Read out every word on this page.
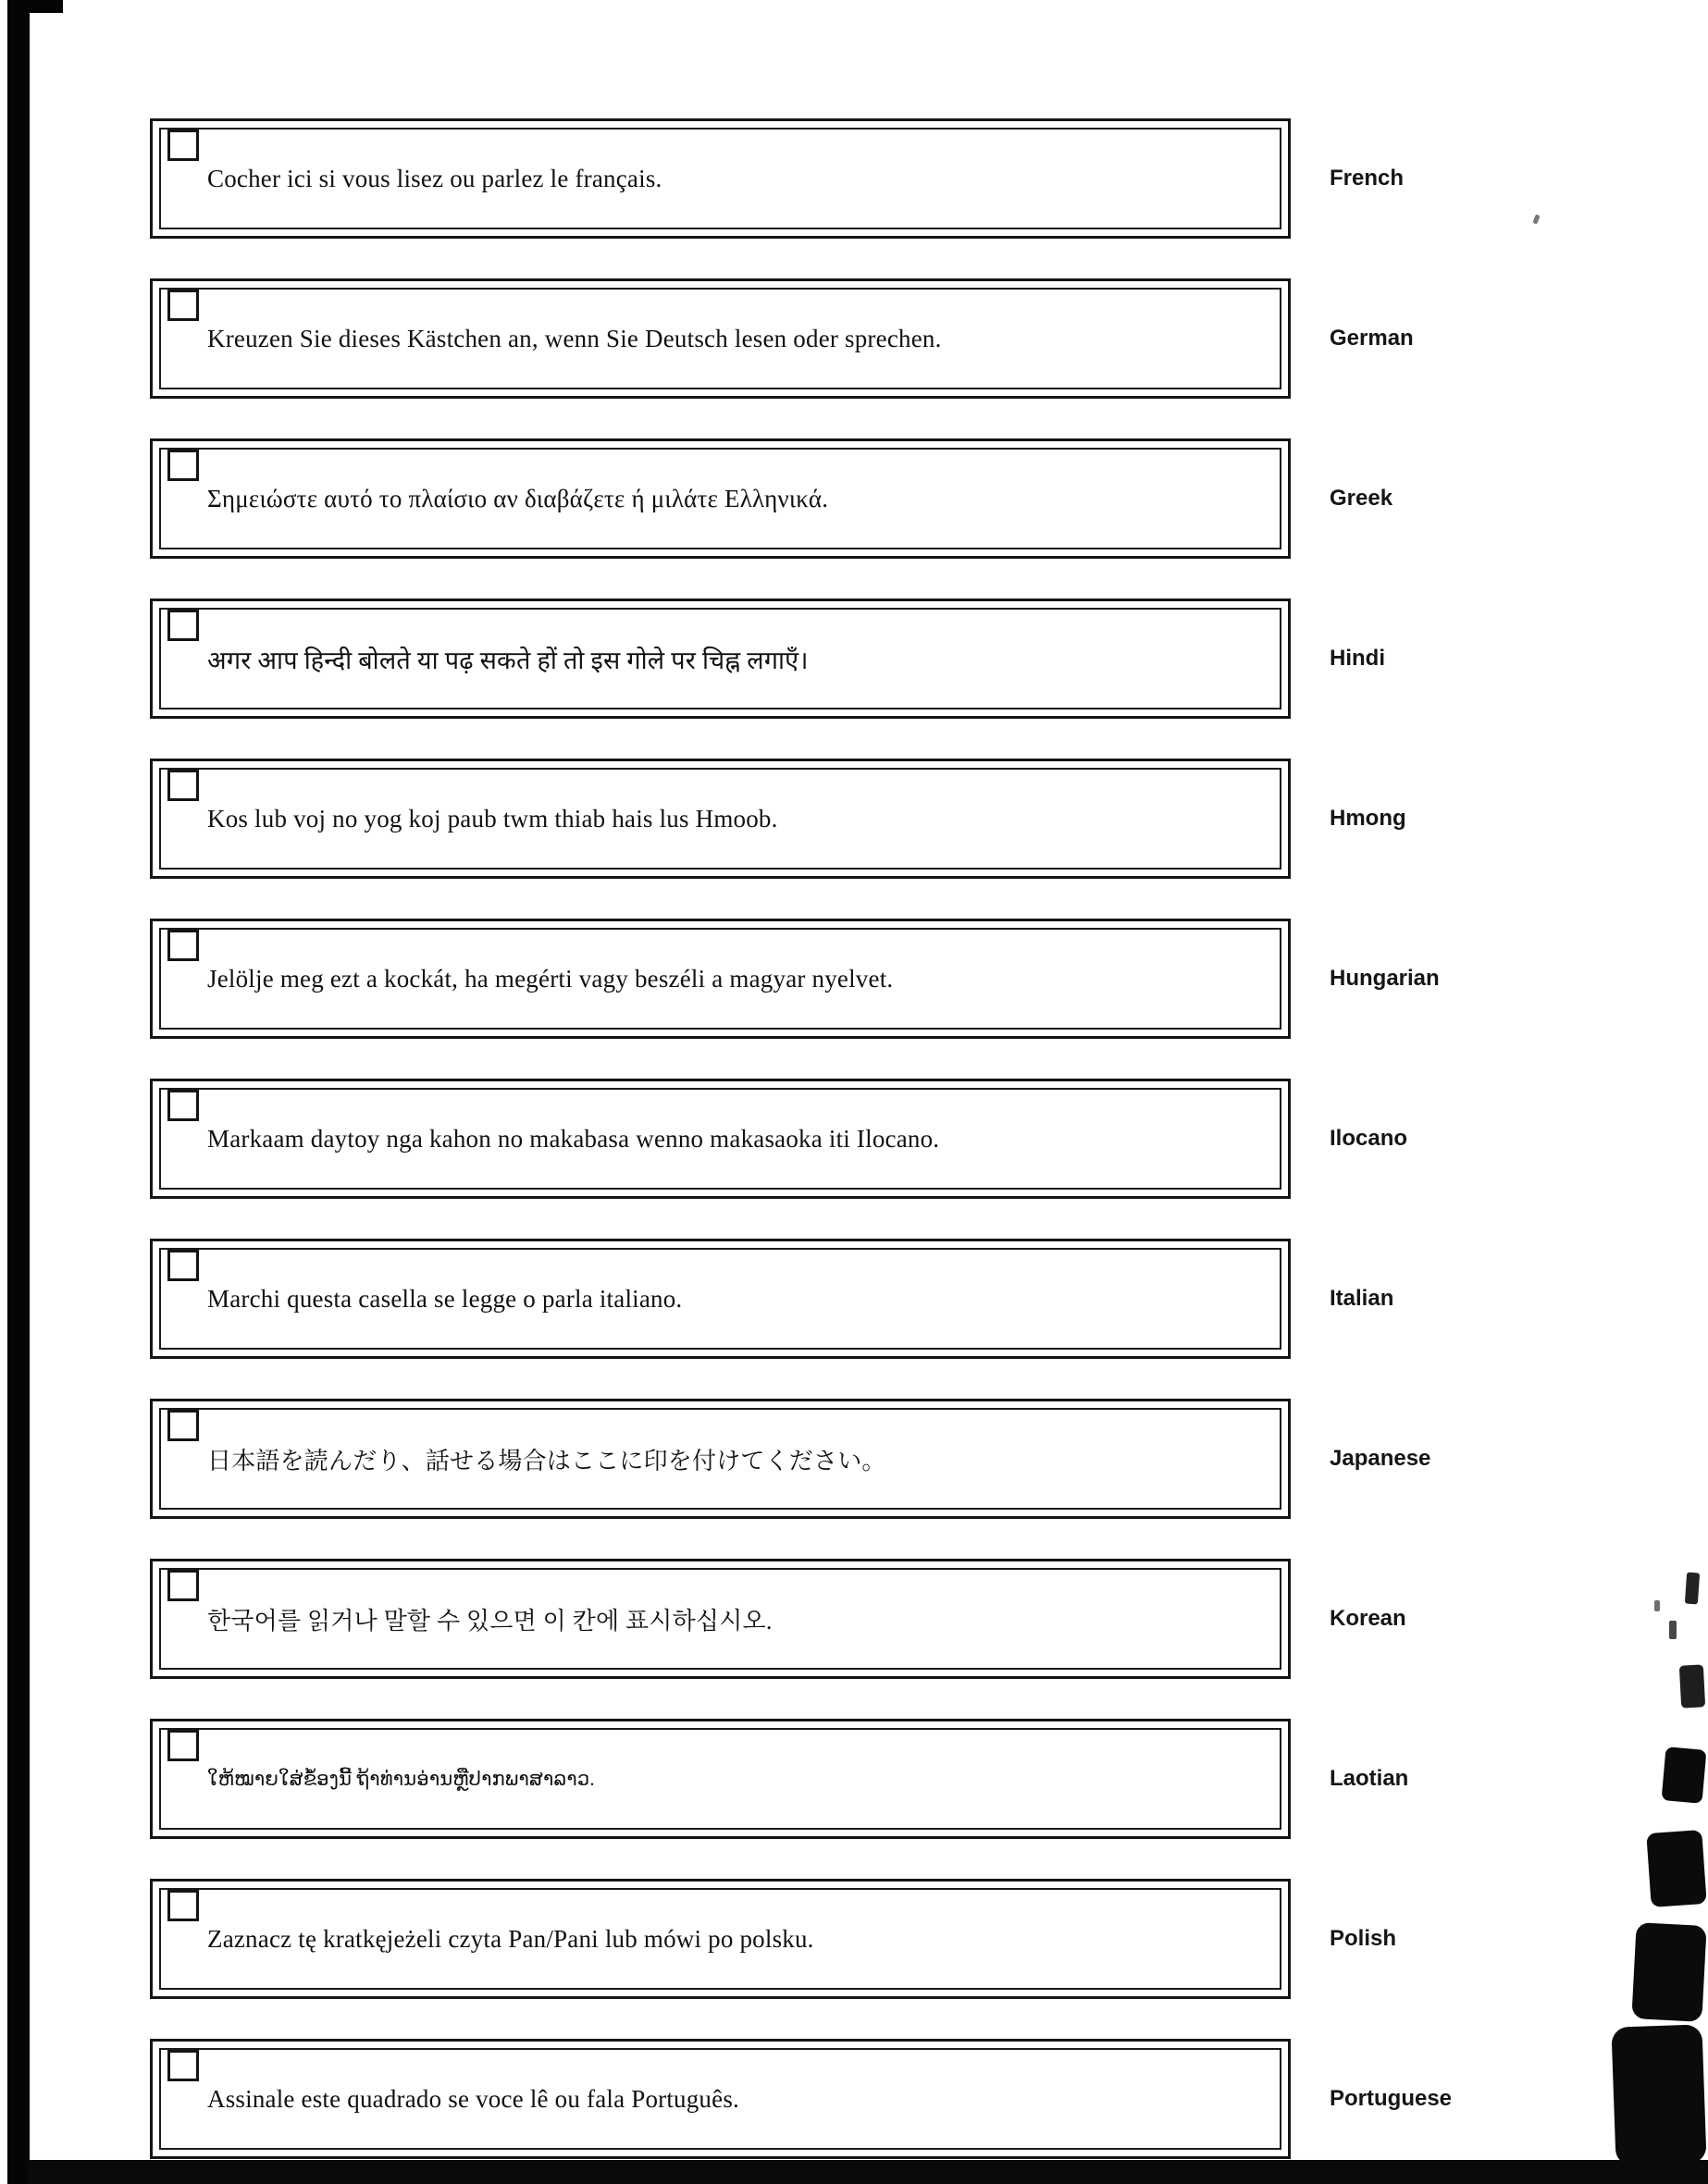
Cocher ici si vous lisez ou parlez le français.	French
Kreuzen Sie dieses Kästchen an, wenn Sie Deutsch lesen oder sprechen.	German
Σημειώστε αυτό το πλαίσιο αν διαβάζετε ή μιλάτε Ελληνικά.	Greek
अगर आप हिन्दी बोलते या पढ़ सकते हों तो इस गोले पर चिह्न लगाएँ।	Hindi
Kos lub voj no yog koj paub twm thiab hais lus Hmoob.	Hmong
Jelölje meg ezt a kockát, ha megérti vagy beszéli a magyar nyelvet.	Hungarian
Markaam daytoy nga kahon no makabasa wenno makasaoka iti Ilocano.	Ilocano
Marchi questa casella se legge o parla italiano.	Italian
日本語を読んだり、話せる場合はここに印を付けてください。	Japanese
한국어를 읽거나 말할 수 있으면 이 칸에 표시하십시오.	Korean
ໃຫ້ໝາຍໃສ່ຂໍ້ອງນີ້ ຖ້າທ່ານອ່ານຫຼືປາກພາສາລາວ.	Laotian
Zaznacz tę kratkęjeżeli czyta Pan/Pani lub mówi po polsku.	Polish
Assinale este quadrado se voce lê ou fala Português.	Portuguese
